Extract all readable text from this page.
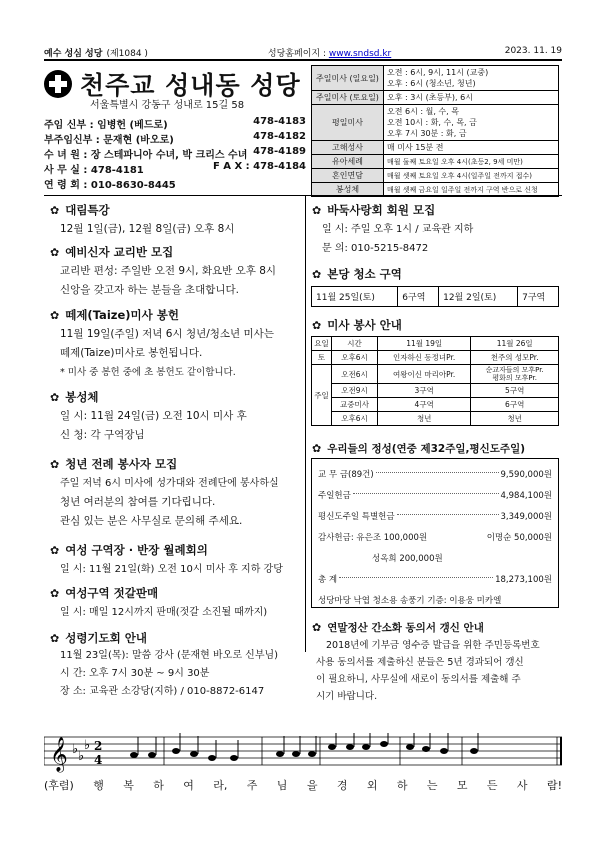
예수 성심 성당 (제1084 )	성당홈페이지 : www.sndsd.kr	2023. 11. 19
천주교 성내동 성당
서울특별시 강동구 성내로 15길 58
주임 신부 : 임병헌 (베드로)	478-4183
부주임신부 : 문재현 (바오로)	478-4182
수 녀 원 : 장 스테파니아 수녀, 박 크리스 수녀 478-4189
사 무 실 : 478-4181	F A X : 478-4184
연 령 회 : 010-8630-8445
주일미사 (일요일)	오전 : 6시, 9시, 11시 (교중)
오후 : 6시 (청소년, 청년)
주일미사 (토요일)	오후 : 3시 (초등부), 6시
평일미사	오전 6시 : 월, 수, 목
오전 10시 : 화, 수, 목, 금
오후 7시 30분 : 화, 금
고해성사	매 미사 15분 전
유아세례	매월 둘째 토요일 오후 4시(초등2, 9세 미만)
혼인면담	매월 셋째 토요일 오후 4시(일주일 전까지 접수)
봉성체	매월 셋째 금요일 일주일 전까지 구역 반으로 신청
✿ 대림특강
12월 1일(금), 12월 8일(금) 오후 8시
✿ 예비신자 교리반 모집
교리반 편성: 주일반 오전 9시, 화요반 오후 8시
신앙을 갖고자 하는 분들을 초대합니다.
✿ 떼제(Taize)미사 봉헌
11월 19일(주일) 저녁 6시 청년/청소년 미사는
떼제(Taize)미사로 봉헌됩니다.
* 미사 중 봉헌 중에 초 봉헌도 같이합니다.
✿ 봉성체
일 시: 11월 24일(금) 오전 10시 미사 후
신 청: 각 구역장님
✿ 청년 전례 봉사자 모집
주일 저녁 6시 미사에 성가대와 전례단에 봉사하실
청년 여러분의 참여를 기다립니다.
관심 있는 분은 사무실로 문의해 주세요.
✿ 여성 구역장 · 반장 월례회의
일 시: 11월 21일(화) 오전 10시 미사 후 지하 강당
✿ 여성구역 젓갈판매
일 시: 매일 12시까지 판매(젓갈 소진될 때까지)
✿ 성령기도회 안내
11월 23일(목): 말씀 강사 (문재현 바오로 신부님)
시 간: 오후 7시 30분 ~ 9시 30분
장 소: 교육관 소강당(지하) / 010-8872-6147
✿ 바둑사랑회 회원 모집
일 시: 주일 오후 1시 / 교육관 지하
문 의: 010-5215-8472
✿ 본당 청소 구역
11월 25일(토)	6구역	12월 2일(토)	7구역
✿ 미사 봉사 안내
요일	시간	11월 19일	11월 26일
토	오후6시	인자하신 동정녀Pr.	천주의 성모Pr.
주일	오전6시	여왕이신 마리아Pr.	순교자들의 모후Pr.
평화의 모후Pr.
	오전9시	3구역	5구역
	교중미사	4구역	6구역
	오후6시	청년	청년
✿ 우리들의 정성(연중 제32주일,평신도주일)
교 무 금(89건)	9,590,000원
주일헌금	4,984,100원
평신도주일 특별헌금	3,349,000원
감사헌금: 유은조 100,000원	이명순 50,000원
성옥희 200,000원
총 계	18,273,100원
성당마당 낙엽 청소용 송풍기 기증: 이용웅 미카엘
✿ 연말정산 간소화 동의서 갱신 안내
2018년에 기부금 영수증 발급을 위한 주민등록번호
사용 동의서를 제출하신 분들은 5년 경과되어 갱신
이 필요하니, 사무실에 새로이 동의서를 제출해 주
시기 바랍니다.
𝄞 ♭ ♭
♭ 2
4
(후렴) 행 복 하 여 라, 주 님 을 경 외 하 는 모 든 사 람!
